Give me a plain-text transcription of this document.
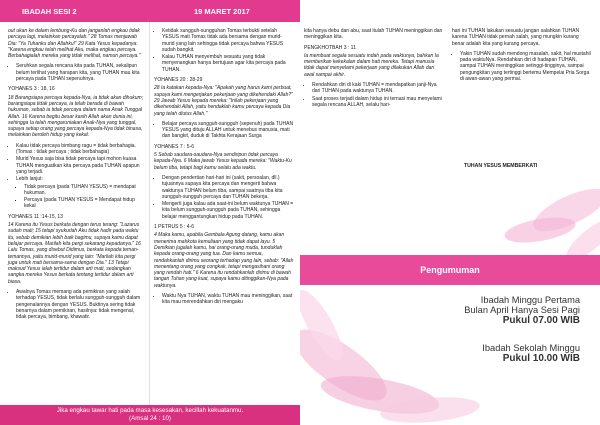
IBADAH SESI 2	19 MARET 2017

out ukan ke dalam lembung-Ku dan janganlah engkau tidak percaya lagi, melainkan percayalah." 28 Tomas menjawab Dia: "Ya Tuhanku dan Allahku!" 29 Kata Yesus kepadanya: "Karena engkau telah melihat Aku, maka engkau percaya. Berbahagialah mereka yang tidak melihat, namun percaya."

• Seruhkan segala rencana kita pada TUHAN, sekalipun belum terlihat yang harapan kita, yang TUHAN mau kita percaya pada TUHAN sepenuhnya.
YOHANES 3 : 18, 16

18 Barangsiapa percaya kepada-Nya, ia tidak akan dihukum; barangsiapa tidak percaya, ia telah berada di bawah hukuman, sebab ia tidak percaya dalam nama Anak Tunggal Allah. 16 Karena begitu besar kasih Allah akan dunia ini, sehingga Ia telah mengaruniakan Anak-Nya yang tunggal, supaya setiap orang yang percaya kepada-Nya tidak binasa, melainkan beroleh hidup yang kekal.

• Kalau tidak percaya bimbang ragu = tidak berbahagia. (Tomas : tidak percaya ; tidak berbahagia)
• Murid Yesus saja bisa tidak percaya tapi mohon kuasa TUHAN menguatkan kita percaya pada TUHAN apapun yang terjadi.
• Lebih lanjut:
▪ Tidak percaya (pada TUHAN YESUS) = mendapat hukuman.
▪ Percaya (pada TUHAN YESUS = Mendapat hidup kekal
YOHANES 11 :14-15, 13

14 Karena itu Yesus berkata dengan terus terang: "Lazarus sudah mati; 15 tetapi syukurlah Aku tidak hadir pada waktu itu, sebab demikian lebih baik bagimu, supaya kamu dapat belajar percaya. Marilah kita pergi sekarang kepadanya." 16 Lalu Tomas, yang disebut Didimus, berkata kepada teman-temannya, yaitu murid-murid yang lain: "Marilah kita pergi juga untuk mati bersama-sama dengan Dia." 13 Tetapi maksud Yesus ialah tertidur dalam arti mati, sedangkan sangka mereka Yesus berkata tentang tertidur dalam arti biasa.

• Awalnya Tomas memang ada pemikiran yang salah terhadap YESUS, tidak berlalu sungguh-sungguh dalam pengenalannya dengan YESUS. Buktinya sering tidak benarnya dalam pemikiran, hasilnya: tidak mengenal, tidak percaya, bimbang, khawatir.
• Ketidak sungguh-sungguhan Tomas terbukti setelah YESUS mati Tomas tidak ada bersama dengan murid-murid yang lain sehingga tidak percaya bahwa YESUS sudah bangkit.
• Kalau TUHAN menyembuh sesuatu yang tidak menyenangkan hanya bertujuan agar kita percaya pada TUHAN.
YOHANES 20 : 28-29

28 Ia katakan kepada-Nya: "Apakah yang harus kami perbuat, supaya kami mengerjakan pekerjaan yang dikehendaki Allah?" 29 Jawab Yesus kepada mereka: "Inilah pekerjaan yang dikehendaki Allah, yaitu hendaklah kamu percaya kepada Dia yang telah diutus Allah."

• Belajar percaya sungguh-sungguh (sepenuh) pada TUHAN YESUS yang dituju ALLAH untuk menebus manusia, mati dan bangkit, duduk di Takhta Kerajaan Surga
YOHANES 7 : 5-6

5 Sebab saudara-saudara-Nya sendiripun tidak percaya kepada-Nya. 6 Maka jawab Yesus kepada mereka: "Waktu-Ku belum tiba, tetapi bagi kamu selalu ada waktu.

• Dengan pendertian hari-hari ini (sakit, persoalan, dll.) tujuannya supaya kita percaya dan mengerti bahwa waktunya TUHAN belum tiba, sampai saatnya tiba kita sungguh-sungguh percaya dan TUHAN bekerja.
• Mengerti juga kalau ada saat-ini belum waktunya TUHAN = kita belum sungguh-sungguh pada TUHAN, sehingga belajar menggantungkan hidup pada TUHAN.
1 PETRUS 5 : 4-6

4 Maka kamu, apabila Gembala Agung datang, kamu akan menerima mahkota kemuliaan yang tidak dapat layu. 5 Demikian jugalah kamu, hai orang-orang muda, tunduklah kepada orang-orang yang tua. Dan kamu semua, rendahkanlah dirimu seorang terhadap yang lain, sebab: "Allah menentang orang yang congkak, tetapi mengasihani orang yang rendah hati." 6 Karena itu rendahkanlah dirimu di bawah tangan Tuhan yang kuat, supaya kamu ditinggikan-Nya pada waktunya.

• Waktu Nya TUHAN, waktu TUHAN mau meninggikan, saat kita mau merendahkan diri mengaku
Jika engkau tawar hati pada masa kesesakan, kecillah kekuatanmu.
(Amsal 24 : 10)

kita hanya debu dan abu, saat itulah TUHAN meninggikan dan meninggikan kita.

PENGKHOTBAH 3 : 11

Ia membuat segala sesuatu indah pada waktunya, bahkan Ia memberikan kekekalan dalam hati mereka. Tetapi manusia tidak dapat menyelami pekerjaan yang dilakukan Allah dari awal sampai akhir.

• Rendahkan diri di kaki TUHAN = mendapatkan janji-Nya dari TUHAN pada waktunya TUHAN.
• Saat proses terjadi dalam hidup ini ternasi mau menyelami segala rencana ALLAH, selalu hari-

hari ini TUHAN lakukan sesuatu jangan salahkan TUHAN karena TUHAN tidak pernah salah, yang mungkin kurang benar adalah kita yang kurang percaya.

• Yakin TUHAN sudah mendong masalah, sakit, hal mustahil pada waktuNya. Rendahkan diri di hadapan TUHAN, sampai TUHAN meninggikan setinggi-tingginya, sampai pengungkitan yang tertinggi bertemu Mempelai Pria Sorga di awan-awan yang permai.
TUHAN YESUS MEMBERKATI
Pengumuman
Ibadah Minggu Pertama
Bulan April Hanya Sesi Pagi
Pukul 07.00 WIB
Ibadah Sekolah Minggu
Pukul 10.00 WIB
